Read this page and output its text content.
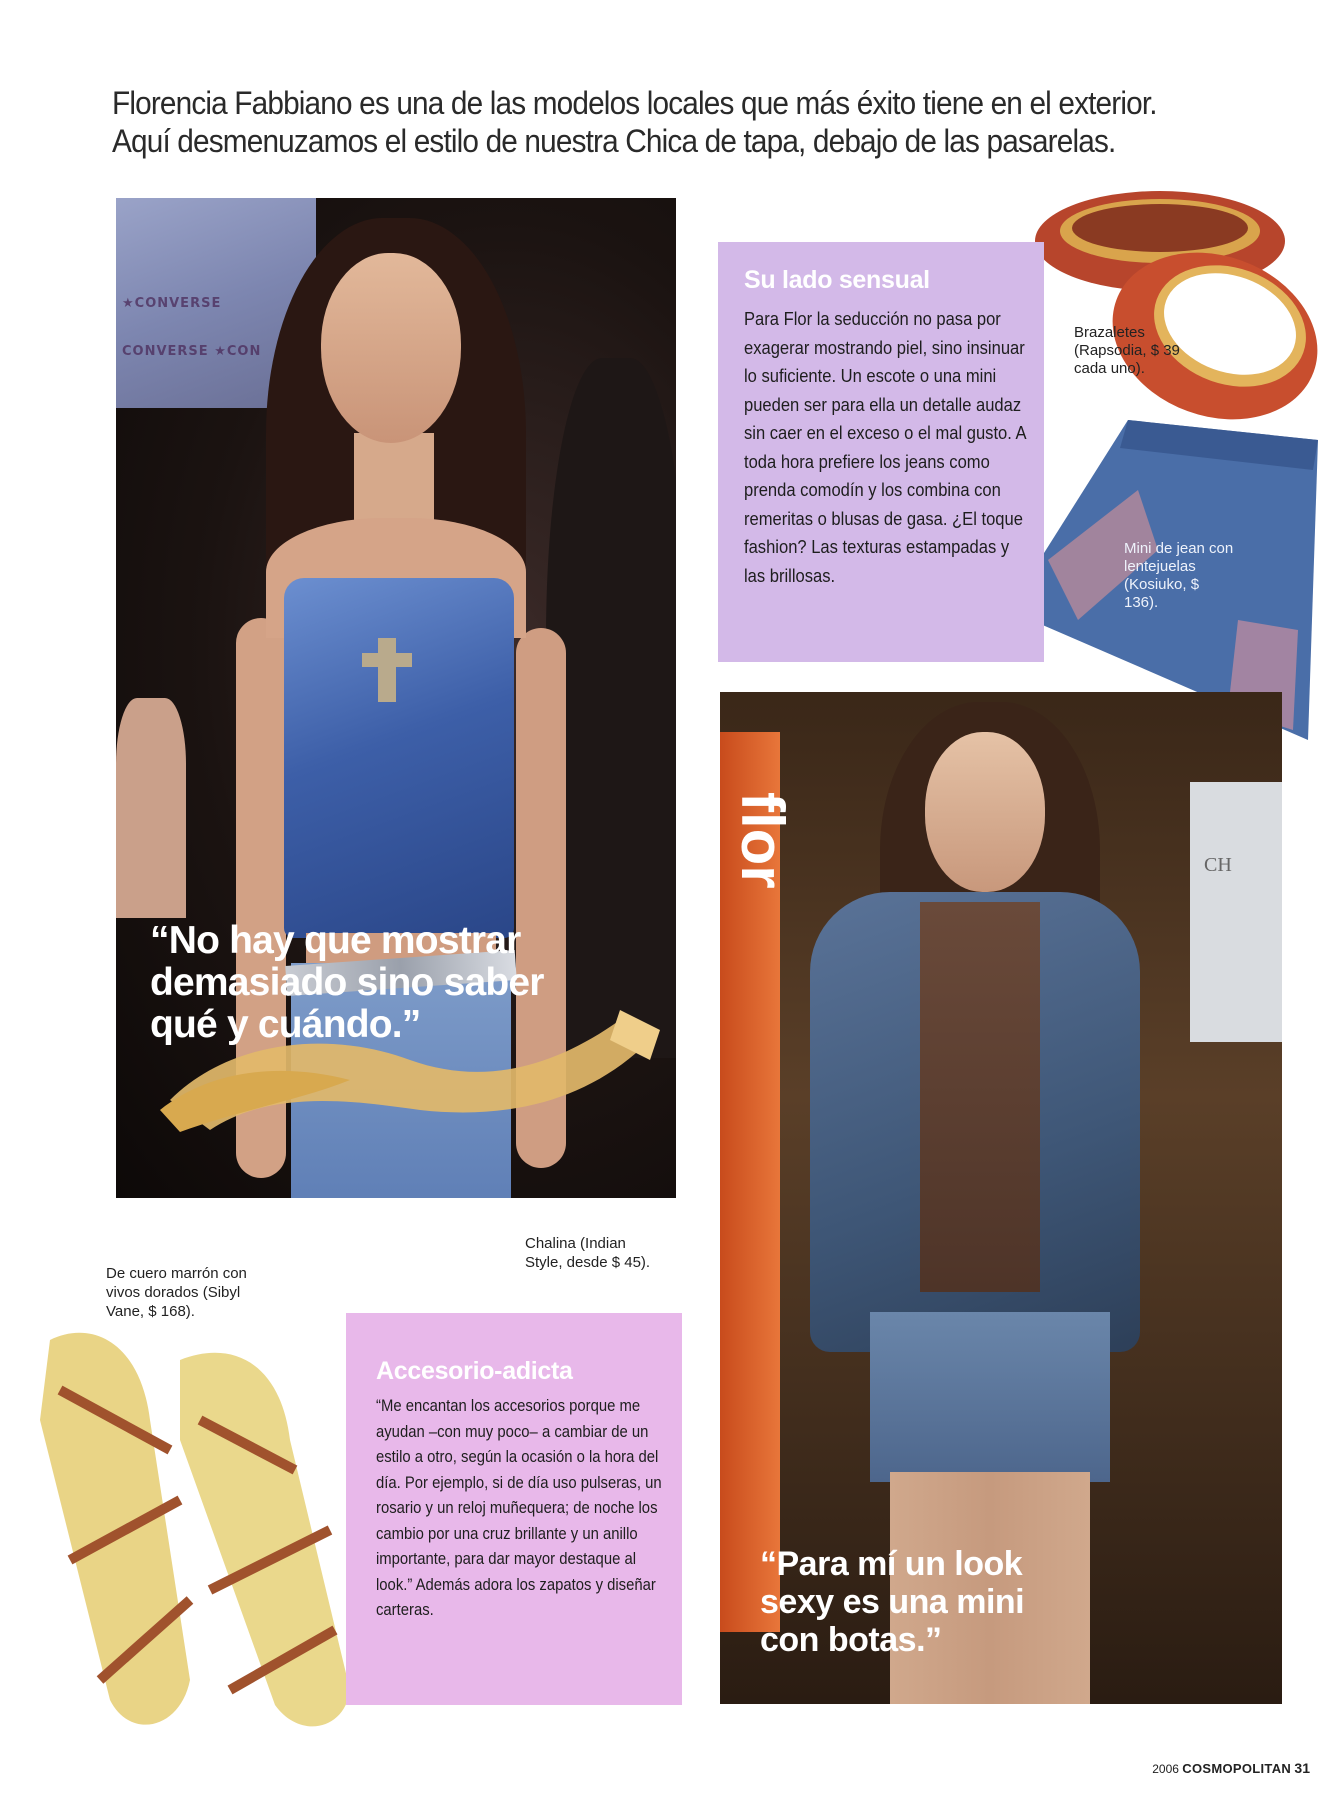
Florencia Fabbiano es una de las modelos locales que más éxito tiene en el exterior.
Aquí desmenuzamos el estilo de nuestra Chica de tapa, debajo de las pasarelas.
★CONVERSE
CONVERSE ★CON
“No hay que mostrar
demasiado sino saber
qué y cuándo.”
Brazaletes (Rapsodia, $ 39 cada uno).
Mini de jean con lentejuelas (Kosiuko, $ 136).
Su lado sensual

Para Flor la seducción no pasa por exagerar mostrando piel, sino insinuar lo suficiente. Un escote o una mini pueden ser para ella un detalle audaz sin caer en el exceso o el mal gusto. A toda hora prefiere los jeans como prenda comodín y los combina con remeritas o blusas de gasa. ¿El toque fashion? Las texturas estampadas y las brillosas.

flor	CH
“Para mí un look
sexy es una mini
con botas.”
Chalina (Indian Style, desde $ 45).
De cuero marrón con vivos dorados (Sibyl Vane, $ 168).
Accesorio-adicta

“Me encantan los accesorios porque me ayudan –con muy poco– a cambiar de un estilo a otro, según la ocasión o la hora del día. Por ejemplo, si de día uso pulseras, un rosario y un reloj muñequera; de noche los cambio por una cruz brillante y un anillo importante, para dar mayor destaque al look.” Además adora los zapatos y diseñar carteras.

2006 COSMOPOLITAN 31
